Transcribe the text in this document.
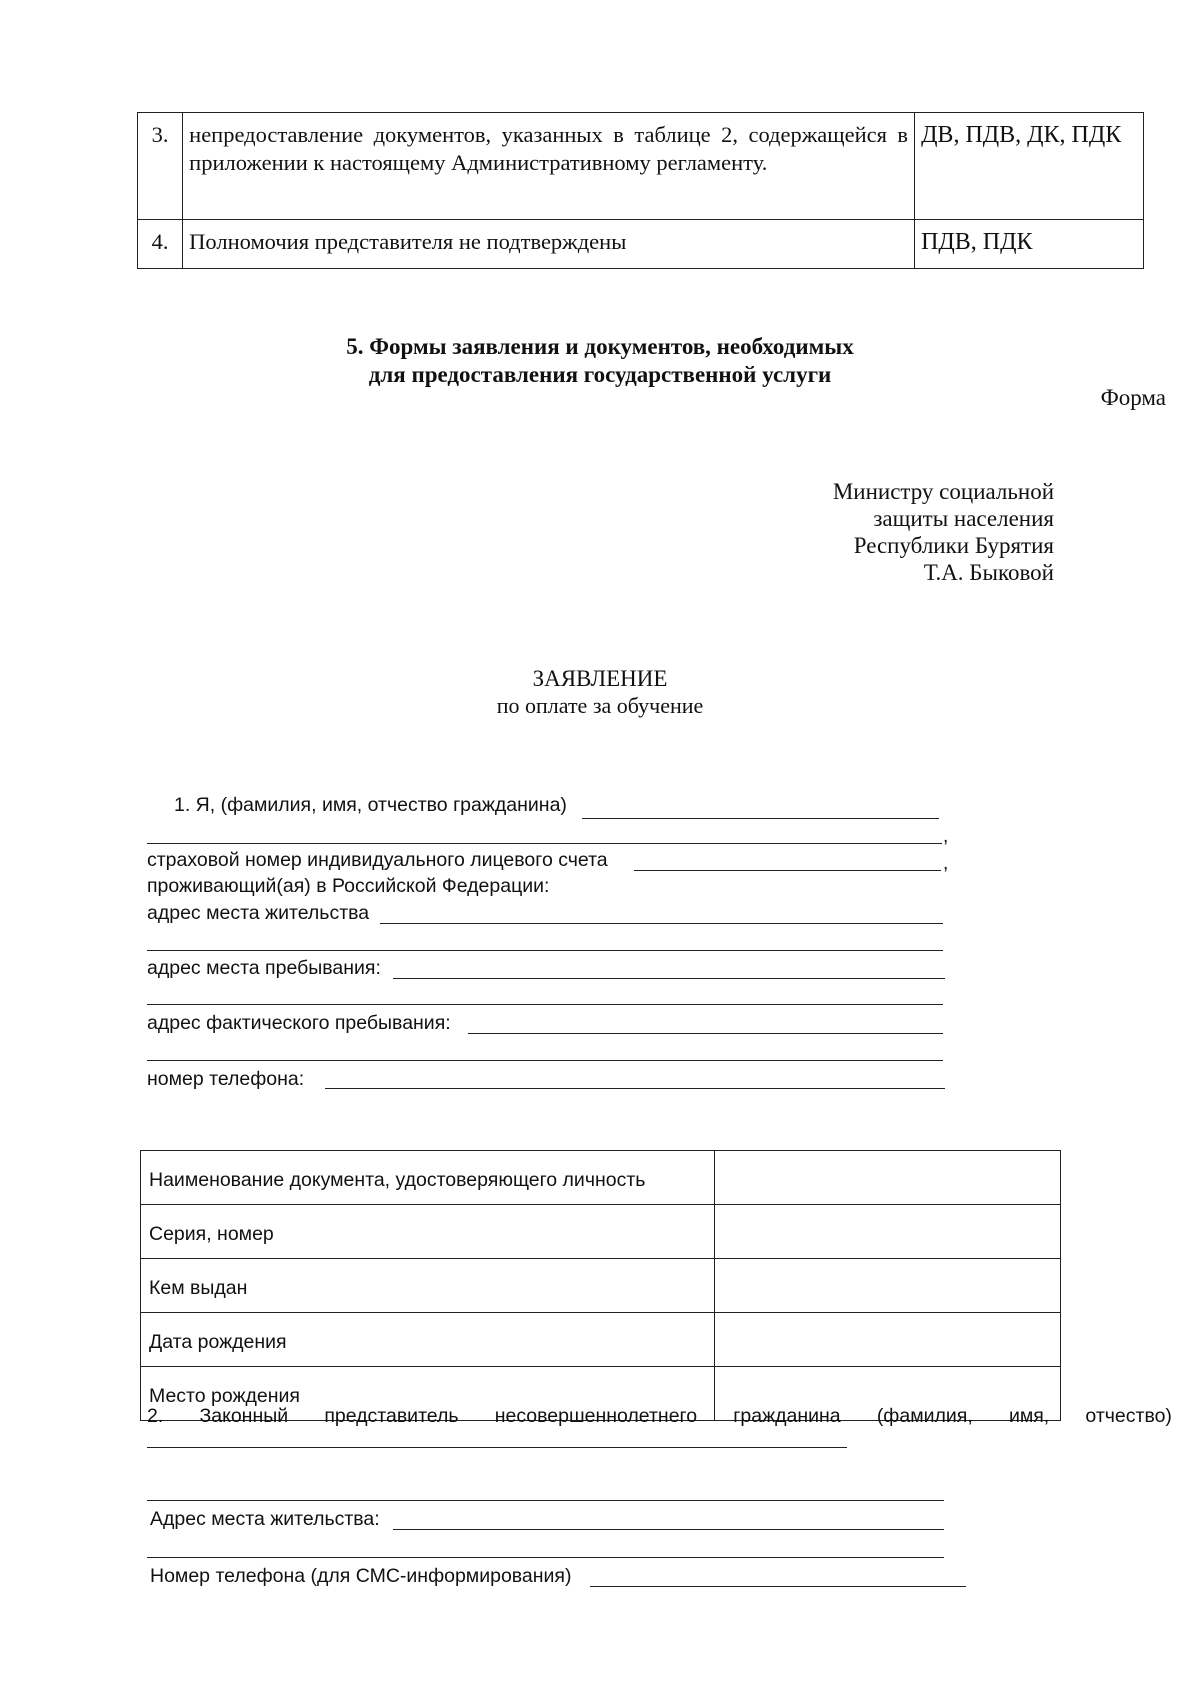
3.	непредоставление документов, указанных в таблице 2, содержащейся в приложении к настоящему Административному регламенту.	ДВ, ПДВ, ДК, ПДК
4.	Полномочия представителя не подтверждены	ПДВ, ПДК
5. Формы заявления и документов, необходимых
для предоставления государственной услуги
Форма
Министру социальной
защиты населения
Республики Бурятия
Т.А. Быковой
ЗАЯВЛЕНИЕ
по оплате за обучение
1. Я, (фамилия, имя, отчество гражданина)
,
страховой номер индивидуального лицевого счета	,
проживающий(ая) в Российской Федерации:
адрес места жительства
адрес места пребывания:
адрес фактического пребывания:
номер телефона:
Наименование документа, удостоверяющего личность	
Серия, номер	
Кем выдан	
Дата рождения	
Место рождения	
2. Законный представитель несовершеннолетнего гражданина (фамилия, имя, отчество)
Адрес места жительства:
Номер телефона (для СМС-информирования)
